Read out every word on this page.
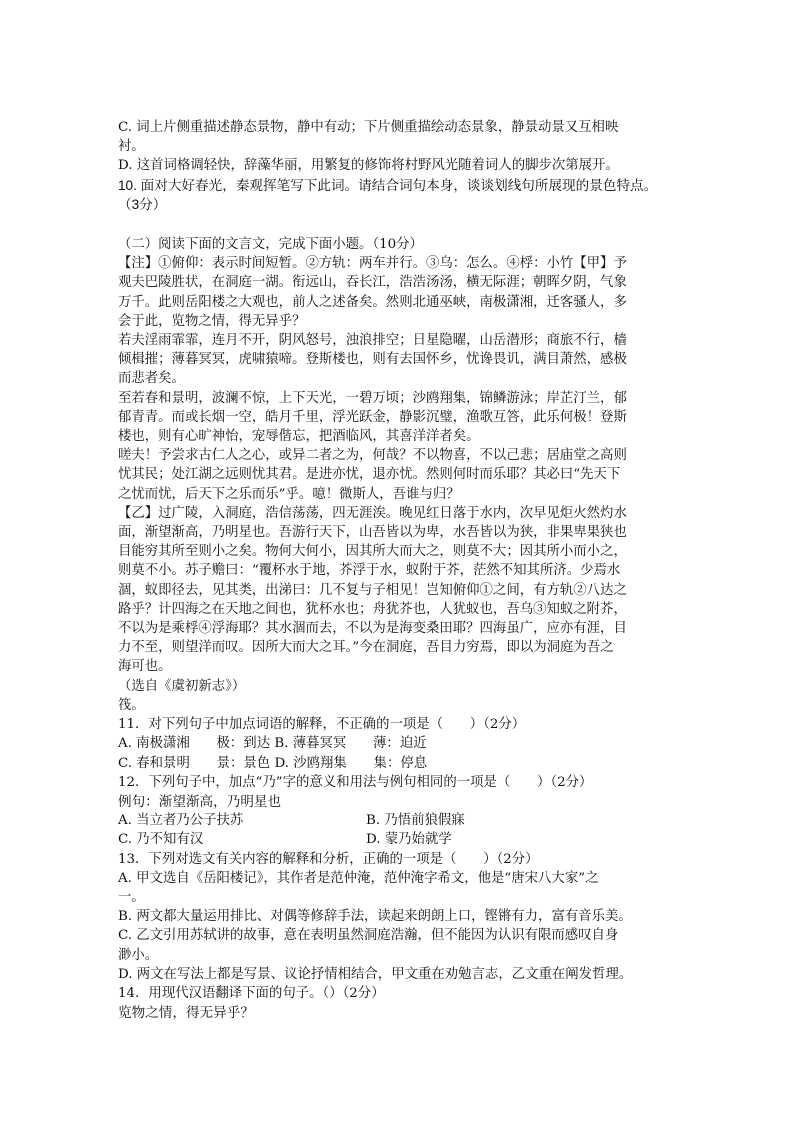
C. 词上片侧重描述静态景物，静中有动；下片侧重描绘动态景象，静景动景又互相映
衬。
D. 这首词格调轻快，辞藻华丽，用繁复的修饰将村野风光随着词人的脚步次第展开。
10. 面对大好春光，秦观挥笔写下此词。请结合词句本身，谈谈划线句所展现的景色特点。
（3分）
（二）阅读下面的文言文，完成下面小题。（10分）
【注】①俯仰：表示时间短暂。②方轨：两车并行。③乌：怎么。④桴：小竹【甲】予
观夫巴陵胜状，在洞庭一湖。衔远山，吞长江，浩浩汤汤，横无际涯；朝晖夕阴，气象
万千。此则岳阳楼之大观也，前人之述备矣。然则北通巫峡，南极潇湘，迁客骚人，多
会于此，览物之情，得无异乎？
若夫淫雨霏霏，连月不开，阴风怒号，浊浪排空；日星隐曜，山岳潜形；商旅不行，樯
倾楫摧；薄暮冥冥，虎啸猿啼。登斯楼也，则有去国怀乡，忧谗畏讥，满目萧然，感极
而悲者矣。
至若春和景明，波澜不惊，上下天光，一碧万顷；沙鸥翔集，锦鳞游泳；岸芷汀兰，郁
郁青青。而或长烟一空，皓月千里，浮光跃金，静影沉璧，渔歌互答，此乐何极！登斯
楼也，则有心旷神怡，宠辱偕忘，把酒临风，其喜洋洋者矣。
嗟夫！予尝求古仁人之心，或异二者之为，何哉？不以物喜，不以己悲；居庙堂之高则
忧其民；处江湖之远则忧其君。是进亦忧，退亦忧。然则何时而乐耶？其必曰“先天下
之忧而忧，后天下之乐而乐”乎。噫！微斯人，吾谁与归？
【乙】过广陵，入洞庭，浩信荡荡，四无涯涘。晚见红日落于水内，次早见炬火然灼水
面，渐望渐高，乃明星也。吾游行天下，山吾皆以为卑，水吾皆以为狭，非果卑果狭也
目能穷其所至则小之矣。物何大何小，因其所大而大之，则莫不大；因其所小而小之，
则莫不小。苏子赡曰：“覆杯水于地，芥浮于水，蚁附于芥，茫然不知其所济。少焉水
涸，蚁即径去，见其类，出涕曰：几不复与子相见！岂知俯仰①之间，有方轨②八达之
路乎？计四海之在天地之间也，犹杯水也；舟犹芥也，人犹蚁也，吾乌③知蚁之附芥，
不以为是乘桴④浮海耶？其水涸而去，不以为是海变桑田耶？四海虽广，应亦有涯，目
力不至，则望洋而叹。因所大而大之耳。”今在洞庭，吾目力穷焉，即以为洞庭为吾之
海可也。
（选自《虞初新志》）
筏。
11．对下列句子中加点词语的解释，不正确的一项是（　　）（2分）
A. 南极潇湘　　极：到达 B. 薄暮冥冥　　薄：迫近
C. 春和景明　　景：景色 D. 沙鸥翔集　　集：停息
12．下列句子中，加点“乃”字的意义和用法与例句相同的一项是（　　）（2分）
例句：渐望渐高，乃明星也
A. 当立者乃公子扶苏	B. 乃悟前狼假寐
C. 乃不知有汉	D. 蒙乃始就学
13．下列对选文有关内容的解释和分析，正确的一项是（　　）（2分）
A. 甲文选自《岳阳楼记》，其作者是范仲淹，范仲淹字希文，他是“唐宋八大家”之
一。
B. 两文都大量运用排比、对偶等修辞手法，读起来朗朗上口，铿锵有力，富有音乐美。
C. 乙文引用苏轼讲的故事，意在表明虽然洞庭浩瀚，但不能因为认识有限而感叹自身
渺小。
D. 两文在写法上都是写景、议论抒情相结合，甲文重在劝勉言志，乙文重在阐发哲理。
14．用现代汉语翻译下面的句子。（）（2分）
览物之情，得无异乎？
